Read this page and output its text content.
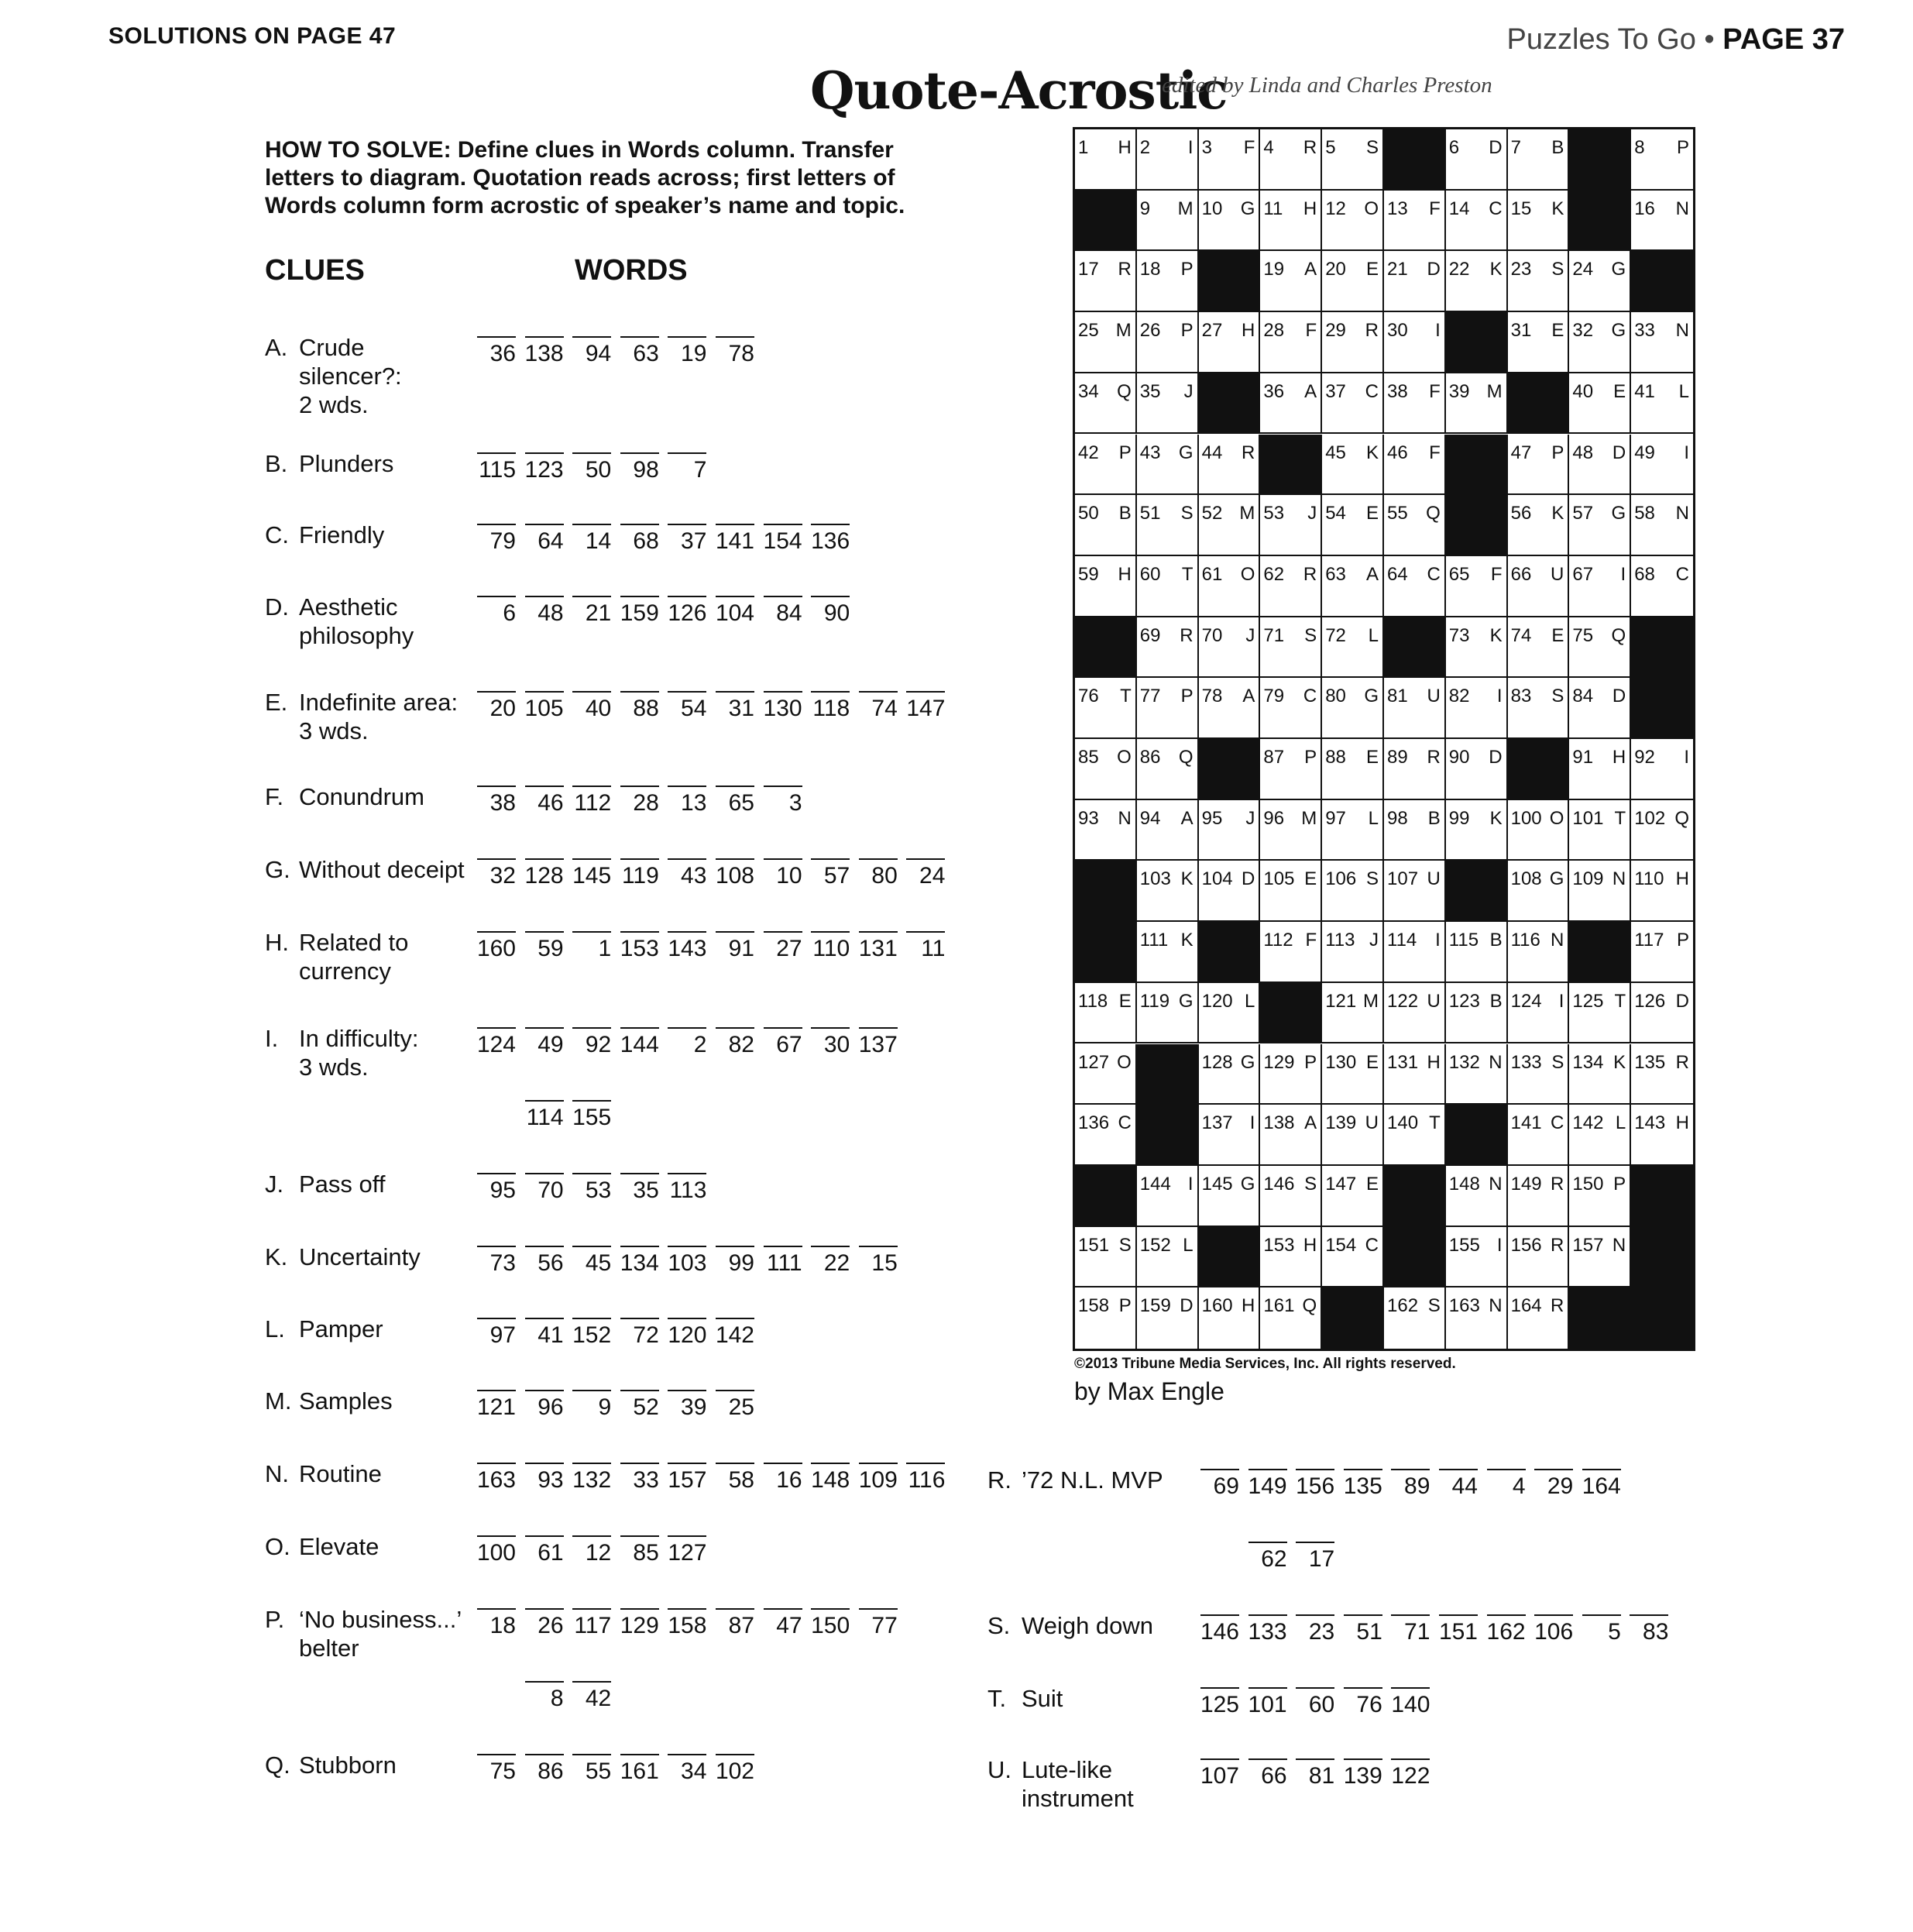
SOLUTIONS ON PAGE 47	Puzzles To Go • PAGE 37
Quote-Acrostic
edited by Linda and Charles Preston
HOW TO SOLVE: Define clues in Words column. Transfer letters to diagram. Quotation reads across; first letters of Words column form acrostic of speaker’s name and topic.
CLUES	WORDS
A. Crude
silencer?:
2 wds.
36 138 94 63 19 78
B. Plunders	115 123 50 98 7
C. Friendly	79 64 14 68 37 141 154 136
D. Aesthetic
philosophy
6 48 21 159 126 104 84 90
E. Indefinite area:
3 wds.
20 105 40 88 54 31 130 118 74 147
F. Conundrum	38 46 112 28 13 65 3
G. Without deceipt	32 128 145 119 43 108 10 57 80 24
H. Related to
currency
160 59 1 153 143 91 27 110 131 11
I. In difficulty:
3 wds.
124 49 92 144 2 82 67 30 137
114 155
J. Pass off	95 70 53 35 113
K. Uncertainty	73 56 45 134 103 99 111 22 15
L. Pamper	97 41 152 72 120 142
M. Samples	121 96 9 52 39 25
N. Routine	163 93 132 33 157 58 16 148 109 116
O. Elevate	100 61 12 85 127
P. ‘No business...’
belter
18 26 117 129 158 87 47 150 77
8 42
Q. Stubborn	75 86 55 161 34 102
R. ’72 N.L. MVP	69 149 156 135 89 44 4 29 164
62 17
S. Weigh down	146 133 23 51 71 151 162 106 5 83
T. Suit	125 101 60 76 140
U. Lute-like
instrument
107 66 81 139 122
1 H 2 I 3 F 4 R 5 S	6 D 7 B	8 P
9 M 10 G 11 H 12 O 13 F 14 C 15 K	16 N
17 R 18 P	19 A 20 E 21 D 22 K 23 S 24 G
25 M 26 P 27 H 28 F 29 R 30 I	31 E 32 G 33 N
34 Q 35 J	36 A 37 C 38 F 39 M	40 E 41 L
42 P 43 G 44 R	45 K 46 F	47 P 48 D 49 I
50 B 51 S 52 M 53 J 54 E 55 Q	56 K 57 G 58 N
59 H 60 T 61 O 62 R 63 A 64 C 65 F 66 U 67 I 68 C
69 R 70 J 71 S 72 L	73 K 74 E 75 Q
76 T 77 P 78 A 79 C 80 G 81 U 82 I 83 S 84 D
85 O 86 Q	87 P 88 E 89 R 90 D	91 H 92 I
93 N 94 A 95 J 96 M 97 L 98 B 99 K 100 O 101 T 102 Q
103 K 104 D 105 E 106 S 107 U	108 G 109 N 110 H
111 K	112 F 113 J 114 I 115 B 116 N	117 P
118 E 119 G 120 L	121 M 122 U 123 B 124 I 125 T 126 D
127 O	128 G 129 P 130 E 131 H 132 N 133 S 134 K 135 R
136 C	137 I 138 A 139 U 140 T	141 C 142 L 143 H
144 I 145 G 146 S 147 E	148 N 149 R 150 P
151 S 152 L	153 H 154 C	155 I 156 R 157 N
158 P 159 D 160 H 161 Q	162 S 163 N 164 R
©2013 Tribune Media Services, Inc. All rights reserved.
by Max Engle
